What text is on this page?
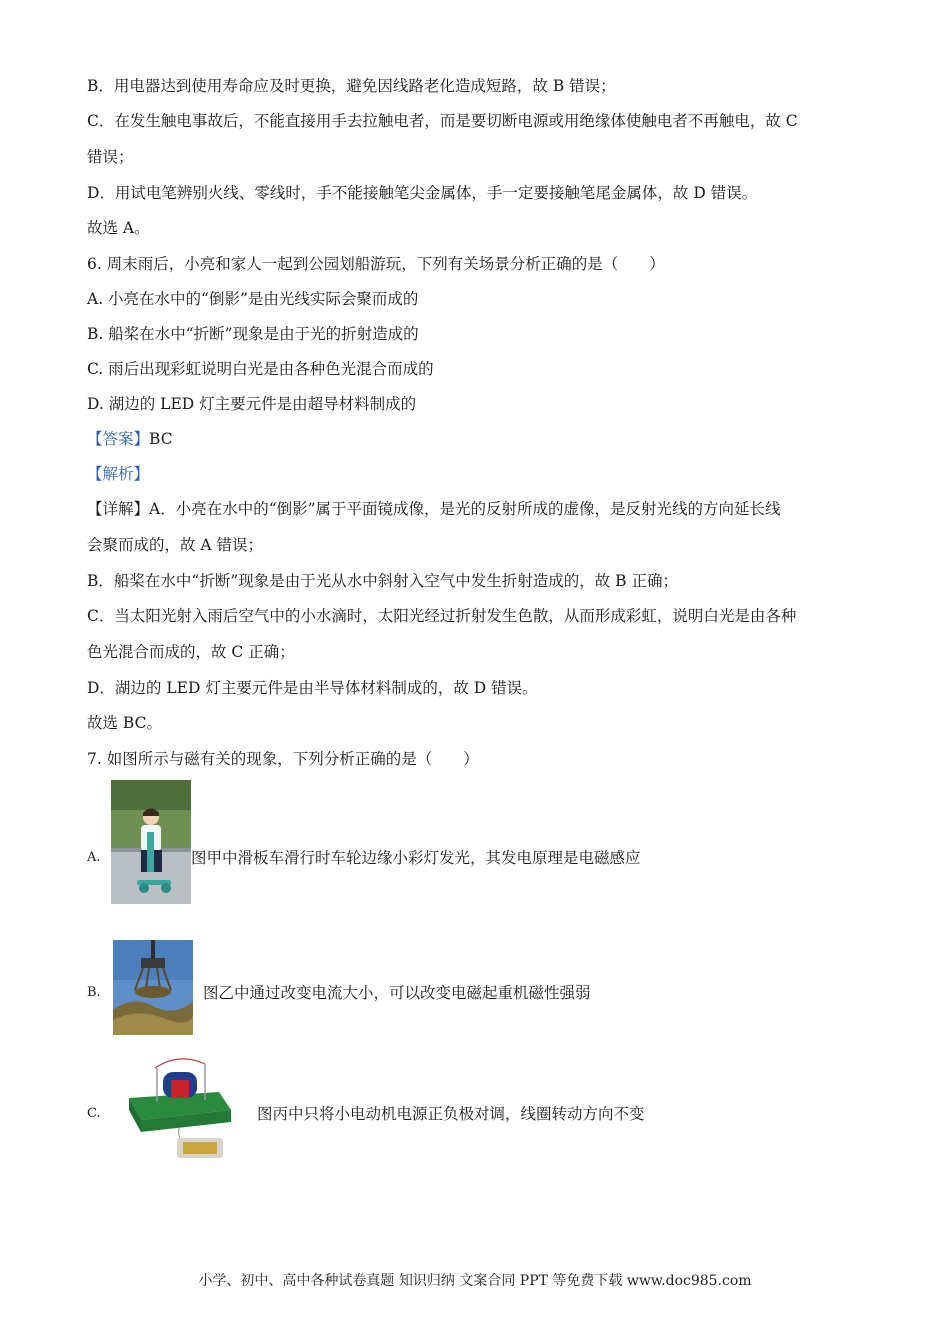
B．用电器达到使用寿命应及时更换，避免因线路老化造成短路，故 B 错误；
C．在发生触电事故后，不能直接用手去拉触电者，而是要切断电源或用绝缘体使触电者不再触电，故 C
错误；
D．用试电笔辨别火线、零线时，手不能接触笔尖金属体，手一定要接触笔尾金属体，故 D 错误。
故选 A。
6. 周末雨后，小亮和家人一起到公园划船游玩，下列有关场景分析正确的是（　　）
A. 小亮在水中的“倒影”是由光线实际会聚而成的
B. 船桨在水中“折断”现象是由于光的折射造成的
C. 雨后出现彩虹说明白光是由各种色光混合而成的
D. 湖边的 LED 灯主要元件是由超导材料制成的
【答案】BC
【解析】
【详解】A．小亮在水中的“倒影”属于平面镜成像，是光的反射所成的虚像，是反射光线的方向延长线
会聚而成的，故 A 错误；
B．船桨在水中“折断”现象是由于光从水中斜射入空气中发生折射造成的，故 B 正确；
C．当太阳光射入雨后空气中的小水滴时，太阳光经过折射发生色散，从而形成彩虹，说明白光是由各种
色光混合而成的，故 C 正确；
D．湖边的 LED 灯主要元件是由半导体材料制成的，故 D 错误。
故选 BC。
7. 如图所示与磁有关的现象，下列分析正确的是（　　）
A.	图甲中滑板车滑行时车轮边缘小彩灯发光，其发电原理是电磁感应
B.	图乙中通过改变电流大小，可以改变电磁起重机磁性强弱
C.	图丙中只将小电动机电源正负极对调，线圈转动方向不变
小学、初中、高中各种试卷真题 知识归纳 文案合同 PPT 等免费下载 www.doc985.com
